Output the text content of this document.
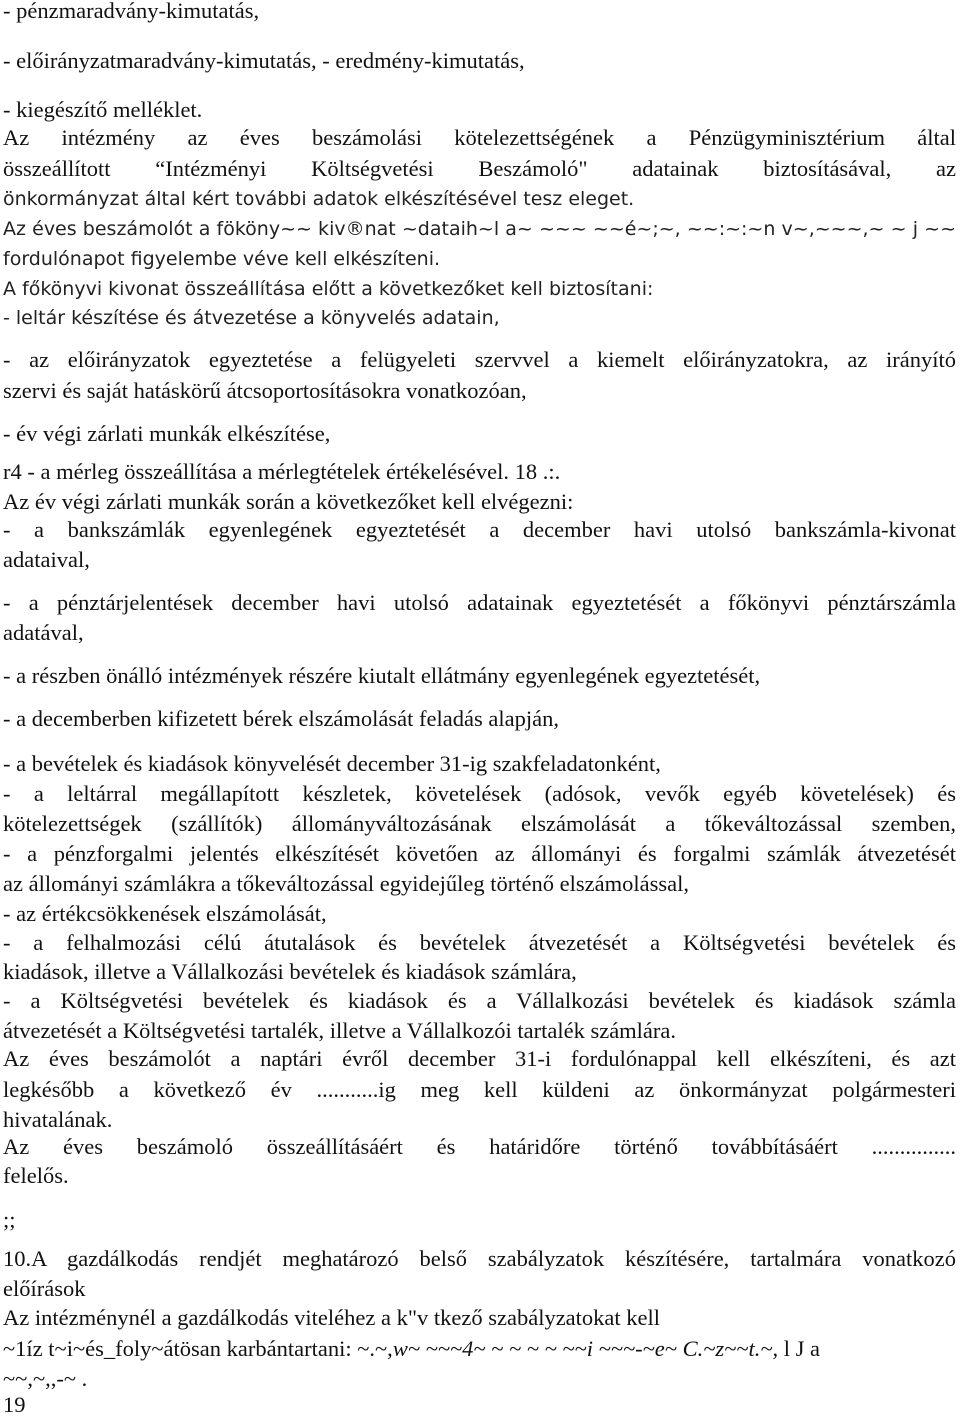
- pénzmaradvány-kimutatás,
- előirányzatmaradvány-kimutatás, - eredmény-kimutatás,
- kiegészítő melléklet.
Az intézmény az éves beszámolási kötelezettségének a Pénzügyminisztérium által
összeállított “Intézményi Költségvetési Beszámoló" adatainak biztosításával, az
önkormányzat által kért további adatok elkészítésével tesz eleget.
Az éves beszámolót a fököny~~ kiv®nat ~dataih~l a~ ~~~ ~~é~;~, ~~:~:~n v~,~~~,~ ~ j ~~
fordulónapot figyelembe véve kell elkészíteni.
A főkönyvi kivonat összeállítása előtt a következőket kell biztosítani:
- leltár készítése és átvezetése a könyvelés adatain,
- az előirányzatok egyeztetése a felügyeleti szervvel a kiemelt előirányzatokra, az irányító
szervi és saját hatáskörű átcsoportosításokra vonatkozóan,
- év végi zárlati munkák elkészítése,
r4 - a mérleg összeállítása a mérlegtételek értékelésével. 18 .:.
Az év végi zárlati munkák során a következőket kell elvégezni:
- a bankszámlák egyenlegének egyeztetését a december havi utolsó bankszámla-kivonat
adataival,
- a pénztárjelentések december havi utolsó adatainak egyeztetését a főkönyvi pénztárszámla
adatával,
- a részben önálló intézmények részére kiutalt ellátmány egyenlegének egyeztetését,
- a decemberben kifizetett bérek elszámolását feladás alapján,
- a bevételek és kiadások könyvelését december 31-ig szakfeladatonként,
- a leltárral megállapított készletek, követelések (adósok, vevők egyéb követelések) és
kötelezettségek (szállítók) állományváltozásának elszámolását a tőkeváltozással szemben,
- a pénzforgalmi jelentés elkészítését követően az állományi és forgalmi számlák átvezetését
az állományi számlákra a tőkeváltozással egyidejűleg történő elszámolással,
- az értékcsökkenések elszámolását,
- a felhalmozási célú átutalások és bevételek átvezetését a Költségvetési bevételek és
kiadások, illetve a Vállalkozási bevételek és kiadások számlára,
- a Költségvetési bevételek és kiadások és a Vállalkozási bevételek és kiadások számla
átvezetését a Költségvetési tartalék, illetve a Vállalkozói tartalék számlára.
Az éves beszámolót a naptári évről december 31-i fordulónappal kell elkészíteni, és azt
legkésőbb a következő év ...........ig meg kell küldeni az önkormányzat polgármesteri
hivatalának.
Az éves beszámoló összeállításáért és határidőre történő továbbításáért ...............
felelős.
;;
10.A gazdálkodás rendjét meghatározó belső szabályzatok készítésére, tartalmára vonatkozó
előírások
Az intézménynél a gazdálkodás viteléhez a k"v tkező szabályzatokat kell
~1íz t~i~és_foly~átösan karbántartani: ~.~,w~ ~~~4~ ~ ~ ~ ~ ~~i ~~~-~e~ C.~z~~t.~, l J a
~~,~,,-~ .
19
